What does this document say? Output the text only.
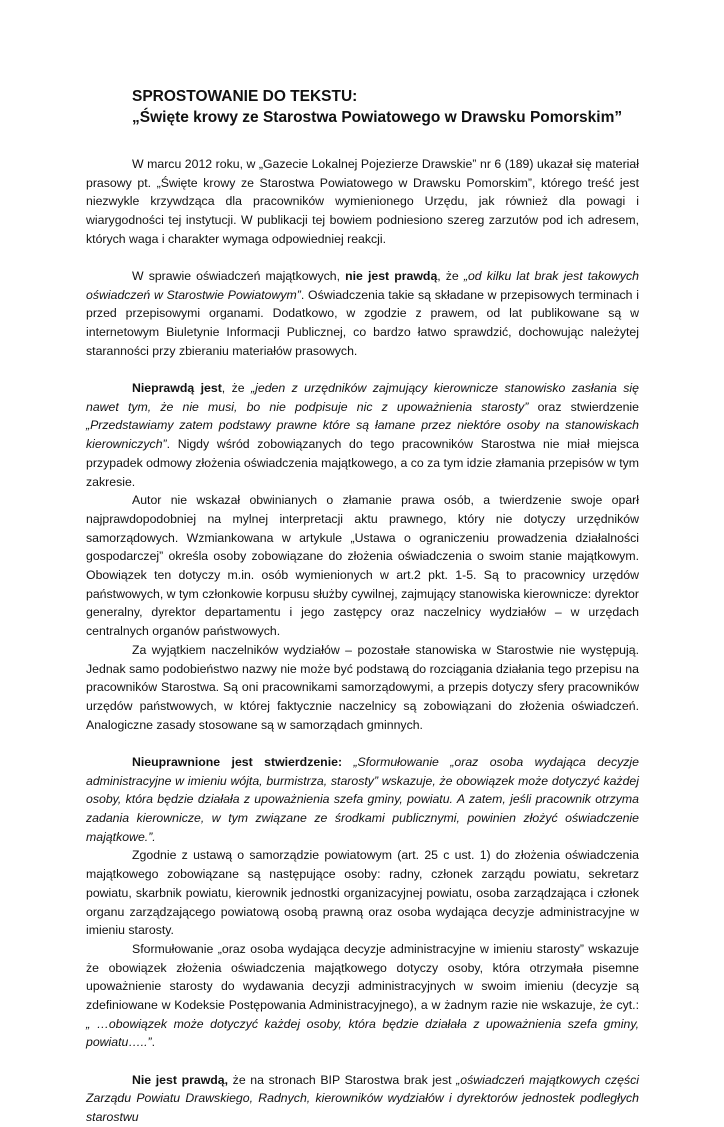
SPROSTOWANIE DO TEKSTU:
„Święte krowy ze Starostwa Powiatowego w Drawsku Pomorskim”

W marcu 2012 roku, w „Gazecie Lokalnej Pojezierze Drawskie” nr 6 (189) ukazał się materiał prasowy pt. „Święte krowy ze Starostwa Powiatowego w Drawsku Pomorskim”, którego treść jest niezwykle krzywdząca dla pracowników wymienionego Urzędu, jak również dla powagi i wiarygodności tej instytucji. W publikacji tej bowiem podniesiono szereg zarzutów pod ich adresem, których waga i charakter wymaga odpowiedniej reakcji.

W sprawie oświadczeń majątkowych, nie jest prawdą, że „od kilku lat brak jest takowych oświadczeń w Starostwie Powiatowym”. Oświadczenia takie są składane w przepisowych terminach i przed przepisowymi organami. Dodatkowo, w zgodzie z prawem, od lat publikowane są w internetowym Biuletynie Informacji Publicznej, co bardzo łatwo sprawdzić, dochowując należytej staranności przy zbieraniu materiałów prasowych.

Nieprawdą jest, że „jeden z urzędników zajmujący kierownicze stanowisko zasłania się nawet tym, że nie musi, bo nie podpisuje nic z upoważnienia starosty” oraz stwierdzenie „Przedstawiamy zatem podstawy prawne które są łamane przez niektóre osoby na stanowiskach kierowniczych”. Nigdy wśród zobowiązanych do tego pracowników Starostwa nie miał miejsca przypadek odmowy złożenia oświadczenia majątkowego, a co za tym idzie złamania przepisów w tym zakresie.

Autor nie wskazał obwinianych o złamanie prawa osób, a twierdzenie swoje oparł najprawdopodobniej na mylnej interpretacji aktu prawnego, który nie dotyczy urzędników samorządowych. Wzmiankowana w artykule „Ustawa o ograniczeniu prowadzenia działalności gospodarczej” określa osoby zobowiązane do złożenia oświadczenia o swoim stanie majątkowym. Obowiązek ten dotyczy m.in. osób wymienionych w art.2 pkt. 1-5. Są to pracownicy urzędów państwowych, w tym członkowie korpusu służby cywilnej, zajmujący stanowiska kierownicze: dyrektor generalny, dyrektor departamentu i jego zastępcy oraz naczelnicy wydziałów – w urzędach centralnych organów państwowych.

Za wyjątkiem naczelników wydziałów – pozostałe stanowiska w Starostwie nie występują. Jednak samo podobieństwo nazwy nie może być podstawą do rozciągania działania tego przepisu na pracowników Starostwa. Są oni pracownikami samorządowymi, a przepis dotyczy sfery pracowników urzędów państwowych, w której faktycznie naczelnicy są zobowiązani do złożenia oświadczeń. Analogiczne zasady stosowane są w samorządach gminnych.

Nieuprawnione jest stwierdzenie: „Sformułowanie „oraz osoba wydająca decyzje administracyjne w imieniu wójta, burmistrza, starosty” wskazuje, że obowiązek może dotyczyć każdej osoby, która będzie działała z upoważnienia szefa gminy, powiatu. A zatem, jeśli pracownik otrzyma zadania kierownicze, w tym związane ze środkami publicznymi, powinien złożyć oświadczenie majątkowe.”.

Zgodnie z ustawą o samorządzie powiatowym (art. 25 c ust. 1) do złożenia oświadczenia majątkowego zobowiązane są następujące osoby: radny, członek zarządu powiatu, sekretarz powiatu, skarbnik powiatu, kierownik jednostki organizacyjnej powiatu, osoba zarządzająca i członek organu zarządzającego powiatową osobą prawną oraz osoba wydająca decyzje administracyjne w imieniu starosty.

Sformułowanie „oraz osoba wydająca decyzje administracyjne w imieniu starosty” wskazuje że obowiązek złożenia oświadczenia majątkowego dotyczy osoby, która otrzymała pisemne upoważnienie starosty do wydawania decyzji administracyjnych w swoim imieniu (decyzje są zdefiniowane w Kodeksie Postępowania Administracyjnego), a w żadnym razie nie wskazuje, że cyt.: „ …obowiązek może dotyczyć każdej osoby, która będzie działała z upoważnienia szefa gminy, powiatu…..”.

Nie jest prawdą, że na stronach BIP Starostwa brak jest „oświadczeń majątkowych części Zarządu Powiatu Drawskiego, Radnych, kierowników wydziałów i dyrektorów jednostek podległych starostwu
